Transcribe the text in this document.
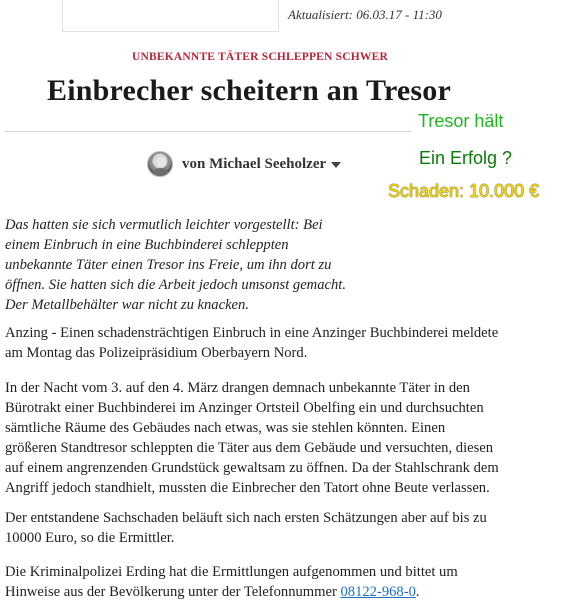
Aktualisiert: 06.03.17 - 11:30
UNBEKANNTE TÄTER SCHLEPPEN SCHWER
Einbrecher scheitern an Tresor
Tresor hält
Ein Erfolg ?
Schaden: 10.000 €
von Michael Seeholzer
Das hatten sie sich vermutlich leichter vorgestellt: Bei
einem Einbruch in eine Buchbinderei schleppten
unbekannte Täter einen Tresor ins Freie, um ihn dort zu
öffnen. Sie hatten sich die Arbeit jedoch umsonst gemacht.
Der Metallbehälter war nicht zu knacken.
Anzing - Einen schadensträchtigen Einbruch in eine Anzinger Buchbinderei meldete
am Montag das Polizeipräsidium Oberbayern Nord.
In der Nacht vom 3. auf den 4. März drangen demnach unbekannte Täter in den
Bürotrakt einer Buchbinderei im Anzinger Ortsteil Obelfing ein und durchsuchten
sämtliche Räume des Gebäudes nach etwas, was sie stehlen könnten. Einen
größeren Standtresor schleppten die Täter aus dem Gebäude und versuchten, diesen
auf einem angrenzenden Grundstück gewaltsam zu öffnen. Da der Stahlschrank dem
Angriff jedoch standhielt, mussten die Einbrecher den Tatort ohne Beute verlassen.
Der entstandene Sachschaden beläuft sich nach ersten Schätzungen aber auf bis zu
10000 Euro, so die Ermittler.
Die Kriminalpolizei Erding hat die Ermittlungen aufgenommen und bittet um
Hinweise aus der Bevölkerung unter der Telefonnummer 08122-968-0.
